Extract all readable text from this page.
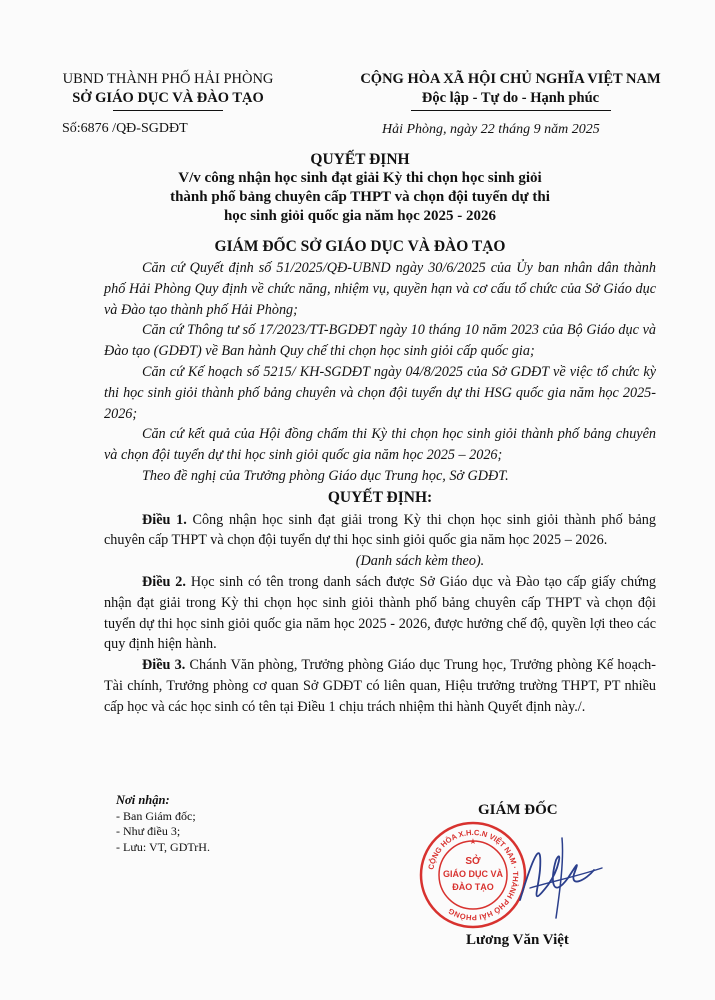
UBND THÀNH PHỐ HẢI PHÒNG
SỞ GIÁO DỤC VÀ ĐÀO TẠO
CỘNG HÒA XÃ HỘI CHỦ NGHĨA VIỆT NAM
Độc lập - Tự do - Hạnh phúc
Số:6876 /QĐ-SGDĐT	Hải Phòng, ngày 22 tháng 9 năm 2025
QUYẾT ĐỊNH
V/v công nhận học sinh đạt giải Kỳ thi chọn học sinh giỏi
thành phố bảng chuyên cấp THPT và chọn đội tuyển dự thi
học sinh giỏi quốc gia năm học 2025 - 2026
GIÁM ĐỐC SỞ GIÁO DỤC VÀ ĐÀO TẠO

Căn cứ Quyết định số 51/2025/QĐ-UBND ngày 30/6/2025 của Ủy ban nhân dân thành phố Hải Phòng Quy định về chức năng, nhiệm vụ, quyền hạn và cơ cấu tổ chức của Sở Giáo dục và Đào tạo thành phố Hải Phòng;

Căn cứ Thông tư số 17/2023/TT-BGDĐT ngày 10 tháng 10 năm 2023 của Bộ Giáo dục và Đào tạo (GDĐT) về Ban hành Quy chế thi chọn học sinh giỏi cấp quốc gia;

Căn cứ Kế hoạch số 5215/ KH-SGDĐT ngày 04/8/2025 của Sở GDĐT về việc tổ chức kỳ thi học sinh giỏi thành phố bảng chuyên và chọn đội tuyển dự thi HSG quốc gia năm học 2025-2026;

Căn cứ kết quả của Hội đồng chấm thi Kỳ thi chọn học sinh giỏi thành phố bảng chuyên và chọn đội tuyển dự thi học sinh giỏi quốc gia năm học 2025 – 2026;

Theo đề nghị của Trưởng phòng Giáo dục Trung học, Sở GDĐT.

QUYẾT ĐỊNH:

Điều 1. Công nhận học sinh đạt giải trong Kỳ thi chọn học sinh giỏi thành phố bảng chuyên cấp THPT và chọn đội tuyển dự thi học sinh giỏi quốc gia năm học 2025 – 2026.

(Danh sách kèm theo).

Điều 2. Học sinh có tên trong danh sách được Sở Giáo dục và Đào tạo cấp giấy chứng nhận đạt giải trong Kỳ thi chọn học sinh giỏi thành phố bảng chuyên cấp THPT và chọn đội tuyển dự thi học sinh giỏi quốc gia năm học 2025 - 2026, được hưởng chế độ, quyền lợi theo các quy định hiện hành.

Điều 3. Chánh Văn phòng, Trưởng phòng Giáo dục Trung học, Trưởng phòng Kế hoạch-Tài chính, Trưởng phòng cơ quan Sở GDĐT có liên quan, Hiệu trưởng trường THPT, PT nhiều cấp học và các học sinh có tên tại Điều 1 chịu trách nhiệm thi hành Quyết định này./.

Nơi nhận:
- Ban Giám đốc;
- Như điều 3;
- Lưu: VT, GDTrH.
GIÁM ĐỐC
CỘNG HÒA X.H.C.N VIỆT NAM · THÀNH PHỐ HẢI PHÒNG
SỞ
GIÁO DỤC VÀ
ĐÀO TẠO
★
Lương Văn Việt
